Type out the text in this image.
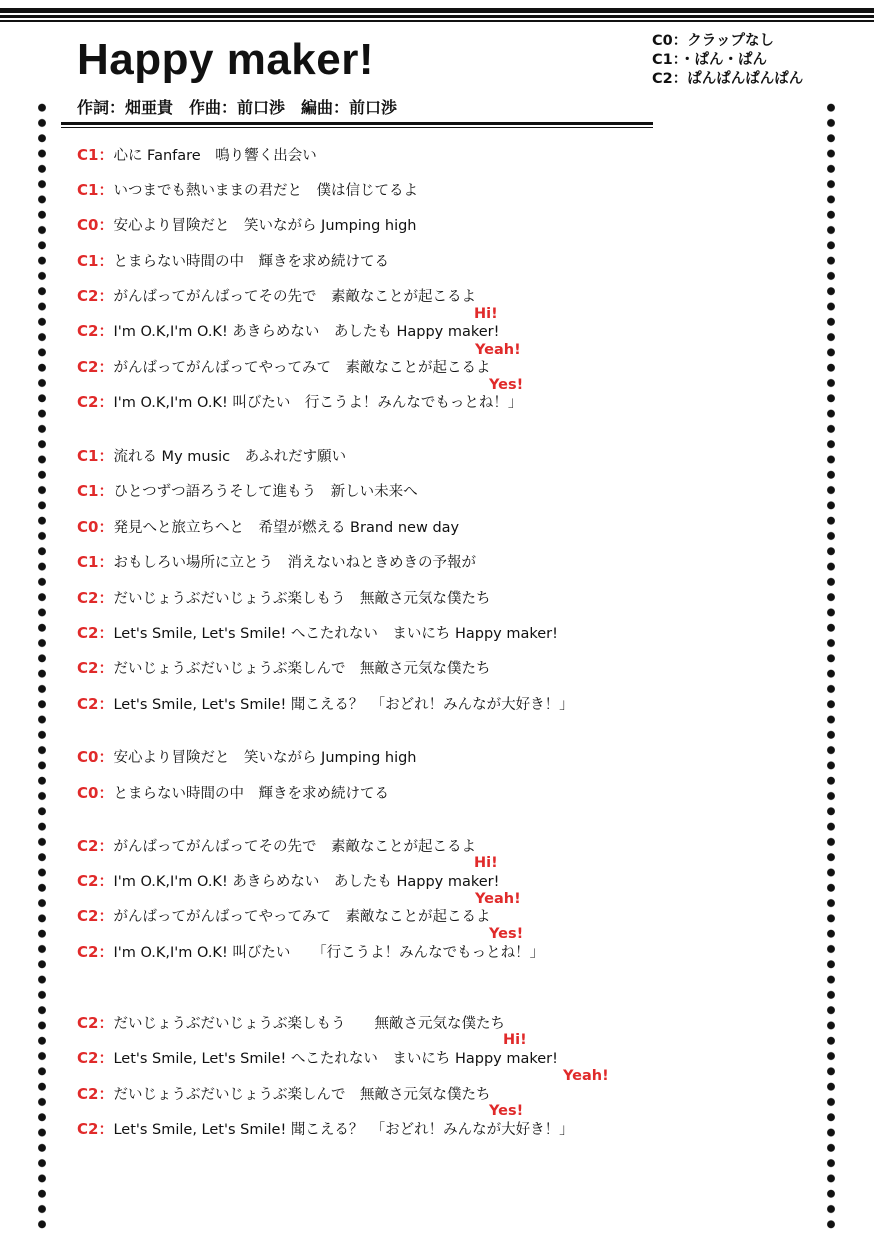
Happy maker!
作詞：畑亜貴　作曲：前口渉　編曲：前口渉
C0：クラップなし
C1：・ぱん・ぱん
C2：ぱんぱんぱんぱん
C1：心に Fanfare　鳴り響く出会い
C1：いつまでも熱いままの君だと　僕は信じてるよ
C0：安心より冒険だと　笑いながら Jumping high
C1：とまらない時間の中　輝きを求め続けてる
C2：がんばってがんばってその先で　素敵なことが起こるよ
C2：I'm O.K,I'm O.K! あきらめない　あしたも Happy maker!
C2：がんばってがんばってやってみて　素敵なことが起こるよ
C2：I'm O.K,I'm O.K! 叫びたい　行こうよ！みんなでもっとね！」
C1：流れる My music　あふれだす願い
C1：ひとつずつ語ろうそして進もう　新しい未来へ
C0：発見へと旅立ちへと　希望が燃える Brand new day
C1：おもしろい場所に立とう　消えないねときめきの予報が
C2：だいじょうぶだいじょうぶ楽しもう　無敵さ元気な僕たち
C2：Let's Smile, Let's Smile! へこたれない　まいにち Happy maker!
C2：だいじょうぶだいじょうぶ楽しんで　無敵さ元気な僕たち
C2：Let's Smile, Let's Smile! 聞こえる？　「おどれ！みんなが大好き！」
C0：安心より冒険だと　笑いながら Jumping high
C0：とまらない時間の中　輝きを求め続けてる
C2：がんばってがんばってその先で　素敵なことが起こるよ
C2：I'm O.K,I'm O.K! あきらめない　あしたも Happy maker!
C2：がんばってがんばってやってみて　素敵なことが起こるよ
C2：I'm O.K,I'm O.K! 叫びたい　　「行こうよ！みんなでもっとね！」
C2：だいじょうぶだいじょうぶ楽しもう　　無敵さ元気な僕たち
C2：Let's Smile, Let's Smile! へこたれない　まいにち Happy maker!
C2：だいじょうぶだいじょうぶ楽しんで　無敵さ元気な僕たち
C2：Let's Smile, Let's Smile! 聞こえる？　「おどれ！みんなが大好き！」
Hi!
Yeah!
Yes!
Hi!
Yeah!
Yes!
Hi!
Yeah!
Yes!
